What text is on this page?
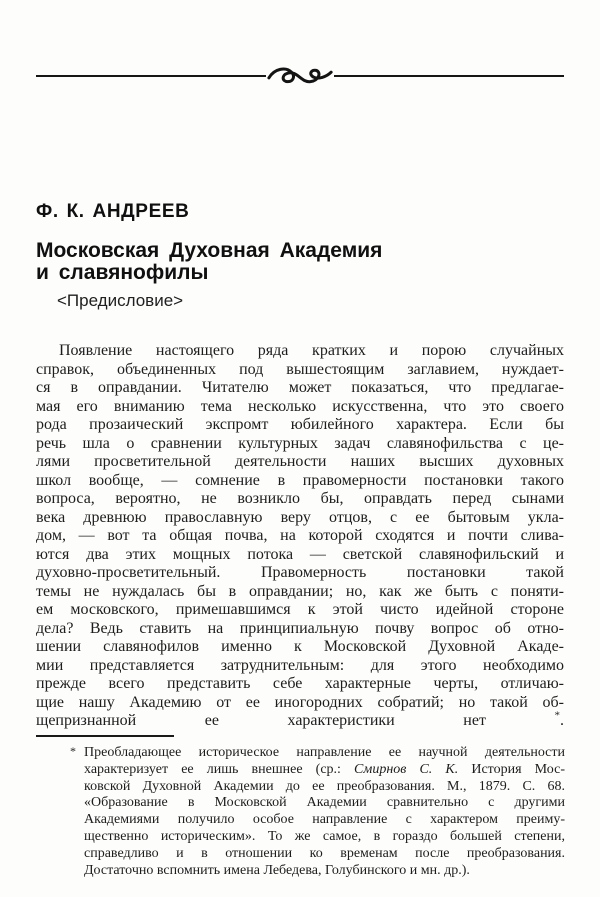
Ф. К. АНДРЕЕВ
Московская Духовная Академия
и славянофилы
<Предисловие>
Появление настоящего ряда кратких и порою случайных
справок, объединенных под вышестоящим заглавием, нуждает-
ся в оправдании. Читателю может показаться, что предлагае-
мая его вниманию тема несколько искусственна, что это своего
рода прозаический экспромт юбилейного характера. Если бы
речь шла о сравнении культурных задач славянофильства с це-
лями просветительной деятельности наших высших духовных
школ вообще, — сомнение в правомерности постановки такого
вопроса, вероятно, не возникло бы, оправдать перед сынами
века древнюю православную веру отцов, с ее бытовым укла-
дом, — вот та общая почва, на которой сходятся и почти слива-
ются два этих мощных потока — светской славянофильский и
духовно-просветительный. Правомерность постановки такой
темы не нуждалась бы в оправдании; но, как же быть с поняти-
ем московского, примешавшимся к этой чисто идейной стороне
дела? Ведь ставить на принципиальную почву вопрос об отно-
шении славянофилов именно к Московской Духовной Акаде-
мии представляется затруднительным: для этого необходимо
прежде всего представить себе характерные черты, отличаю-
щие нашу Академию от ее иногородних собратий; но такой об-
щепризнанной ее характеристики нет *.
* Преобладающее историческое направление ее научной деятельности
характеризует ее лишь внешнее (ср.: Смирнов С. К. История Мос-
ковской Духовной Академии до ее преобразования. М., 1879. С. 68.
«Образование в Московской Академии сравнительно с другими
Академиями получило особое направление с характером преиму-
щественно историческим». То же самое, в гораздо большей степени,
справедливо и в отношении ко временам после преобразования.
Достаточно вспомнить имена Лебедева, Голубинского и мн. др.).
